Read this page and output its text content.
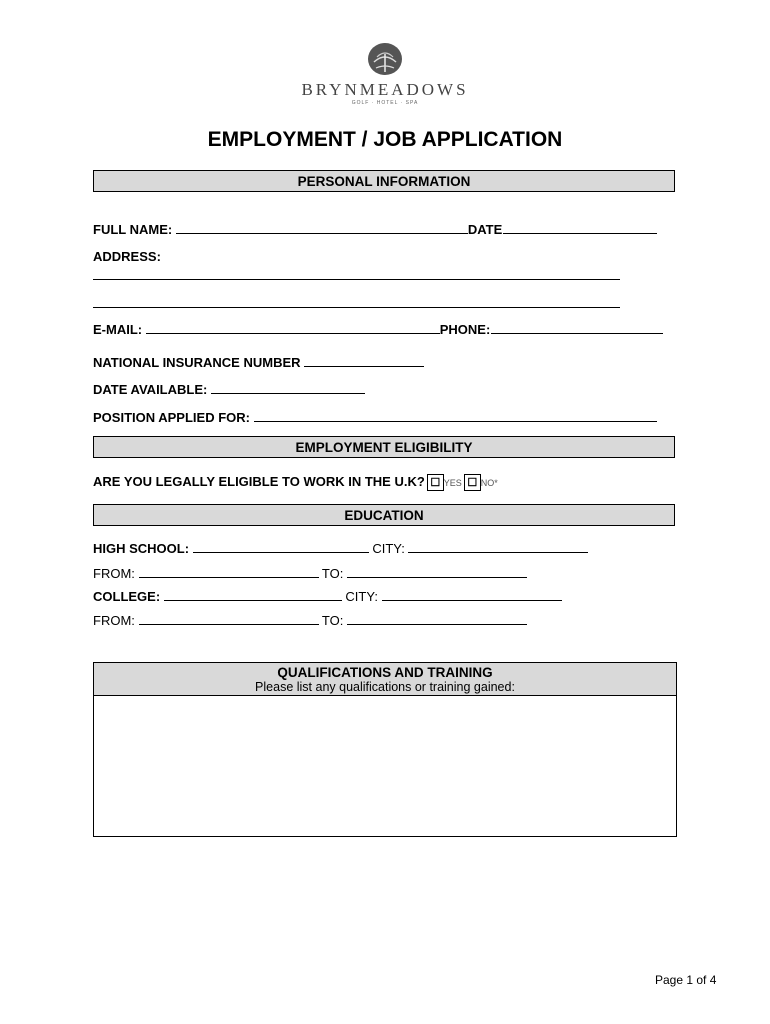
BRYNMEADOWS
GOLF · HOTEL · SPA
EMPLOYMENT / JOB APPLICATION
PERSONAL INFORMATION
FULL NAME:	DATE
ADDRESS:
E-MAIL:	PHONE:
NATIONAL INSURANCE NUMBER
DATE AVAILABLE:
POSITION APPLIED FOR:
EMPLOYMENT ELIGIBILITY
ARE YOU LEGALLY ELIGIBLE TO WORK IN THE U.K? ☐ YES ☐ NO*
EDUCATION
HIGH SCHOOL:	CITY:
FROM:	TO:
COLLEGE:	CITY:
FROM:	TO:
QUALIFICATIONS AND TRAINING
Please list any qualifications or training gained:
Page 1 of 4
